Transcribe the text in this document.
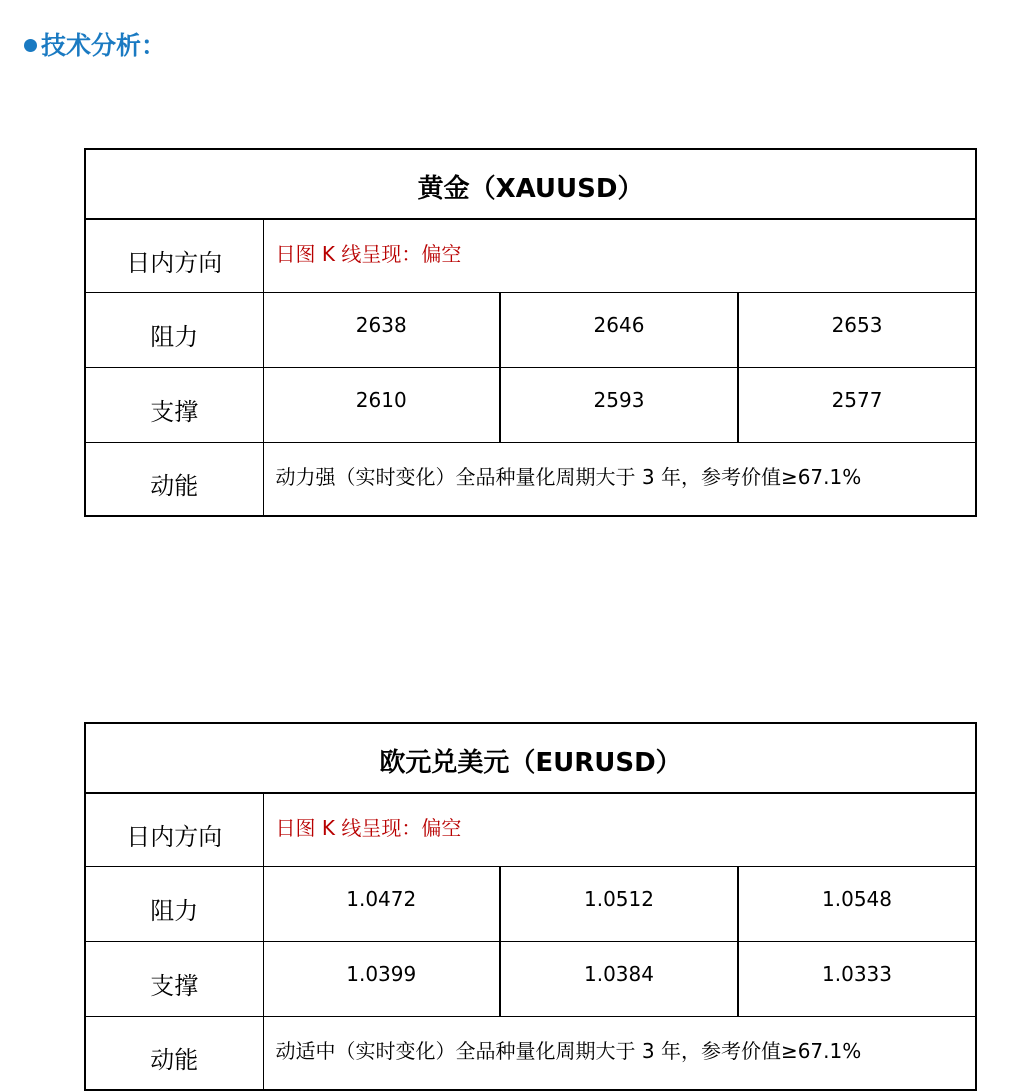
技术分析：
黄金（XAUUSD）			
日内方向	日图 K 线呈现：偏空		
阻力	2638	2646	2653
支撑	2610	2593	2577
动能	动力强（实时变化）全品种量化周期大于 3 年，参考价值≥67.1%		
欧元兑美元（EURUSD）			
日内方向	日图 K 线呈现：偏空		
阻力	1.0472	1.0512	1.0548
支撑	1.0399	1.0384	1.0333
动能	动适中（实时变化）全品种量化周期大于 3 年，参考价值≥67.1%		
